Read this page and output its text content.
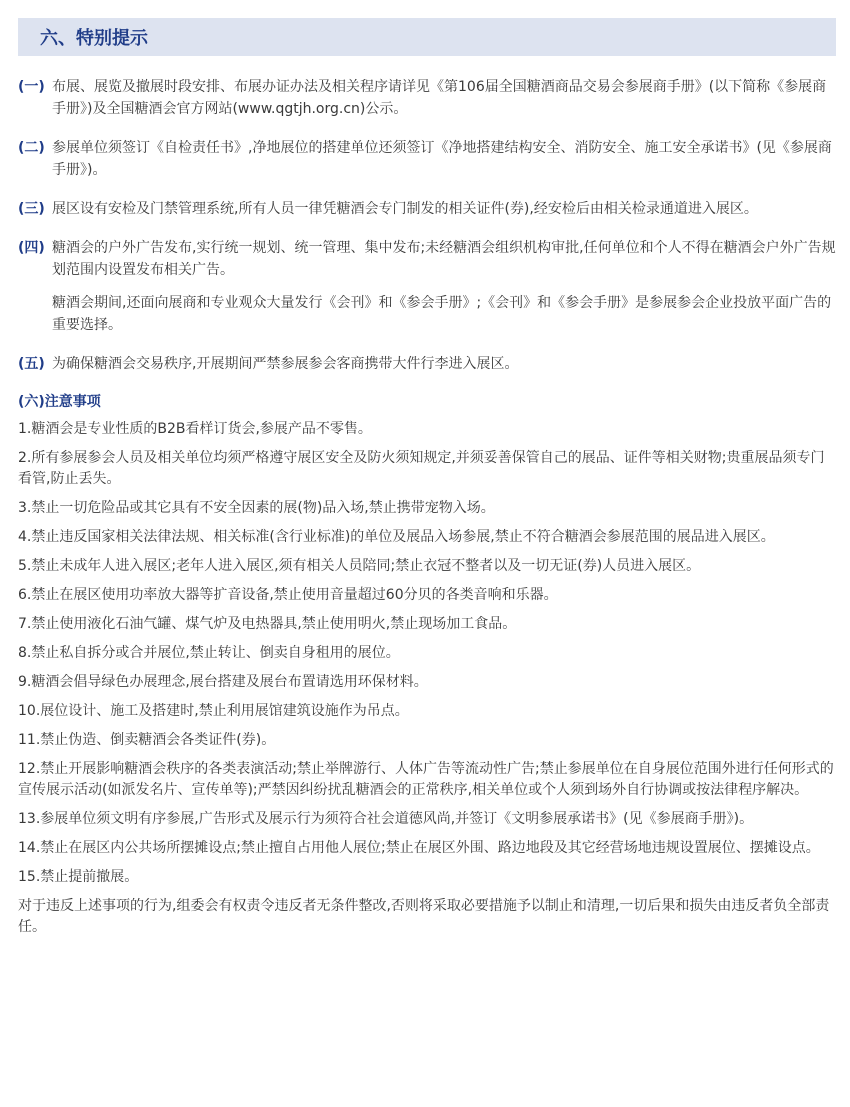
六、特别提示
(一) 布展、展览及撤展时段安排、布展办证办法及相关程序请详见《第106届全国糖酒商品交易会参展商手册》(以下简称《参展商手册》)及全国糖酒会官方网站(www.qgtjh.org.cn)公示。

(二) 参展单位须签订《自检责任书》,净地展位的搭建单位还须签订《净地搭建结构安全、消防安全、施工安全承诺书》(见《参展商手册》)。

(三) 展区设有安检及门禁管理系统,所有人员一律凭糖酒会专门制发的相关证件(券),经安检后由相关检录通道进入展区。

(四) 糖酒会的户外广告发布,实行统一规划、统一管理、集中发布;未经糖酒会组织机构审批,任何单位和个人不得在糖酒会户外广告规划范围内设置发布相关广告。

糖酒会期间,还面向展商和专业观众大量发行《会刊》和《参会手册》;《会刊》和《参会手册》是参展参会企业投放平面广告的重要选择。

(五) 为确保糖酒会交易秩序,开展期间严禁参展参会客商携带大件行李进入展区。

(六)注意事项

1.糖酒会是专业性质的B2B看样订货会,参展产品不零售。

2.所有参展参会人员及相关单位均须严格遵守展区安全及防火须知规定,并须妥善保管自己的展品、证件等相关财物;贵重展品须专门看管,防止丢失。

3.禁止一切危险品或其它具有不安全因素的展(物)品入场,禁止携带宠物入场。

4.禁止违反国家相关法律法规、相关标准(含行业标准)的单位及展品入场参展,禁止不符合糖酒会参展范围的展品进入展区。

5.禁止未成年人进入展区;老年人进入展区,须有相关人员陪同;禁止衣冠不整者以及一切无证(券)人员进入展区。

6.禁止在展区使用功率放大器等扩音设备,禁止使用音量超过60分贝的各类音响和乐器。

7.禁止使用液化石油气罐、煤气炉及电热器具,禁止使用明火,禁止现场加工食品。

8.禁止私自拆分或合并展位,禁止转让、倒卖自身租用的展位。

9.糖酒会倡导绿色办展理念,展台搭建及展台布置请选用环保材料。

10.展位设计、施工及搭建时,禁止利用展馆建筑设施作为吊点。

11.禁止伪造、倒卖糖酒会各类证件(券)。

12.禁止开展影响糖酒会秩序的各类表演活动;禁止举牌游行、人体广告等流动性广告;禁止参展单位在自身展位范围外进行任何形式的宣传展示活动(如派发名片、宣传单等);严禁因纠纷扰乱糖酒会的正常秩序,相关单位或个人须到场外自行协调或按法律程序解决。

13.参展单位须文明有序参展,广告形式及展示行为须符合社会道德风尚,并签订《文明参展承诺书》(见《参展商手册》)。

14.禁止在展区内公共场所摆摊设点;禁止擅自占用他人展位;禁止在展区外围、路边地段及其它经营场地违规设置展位、摆摊设点。

15.禁止提前撤展。

对于违反上述事项的行为,组委会有权责令违反者无条件整改,否则将采取必要措施予以制止和清理,一切后果和损失由违反者负全部责任。
